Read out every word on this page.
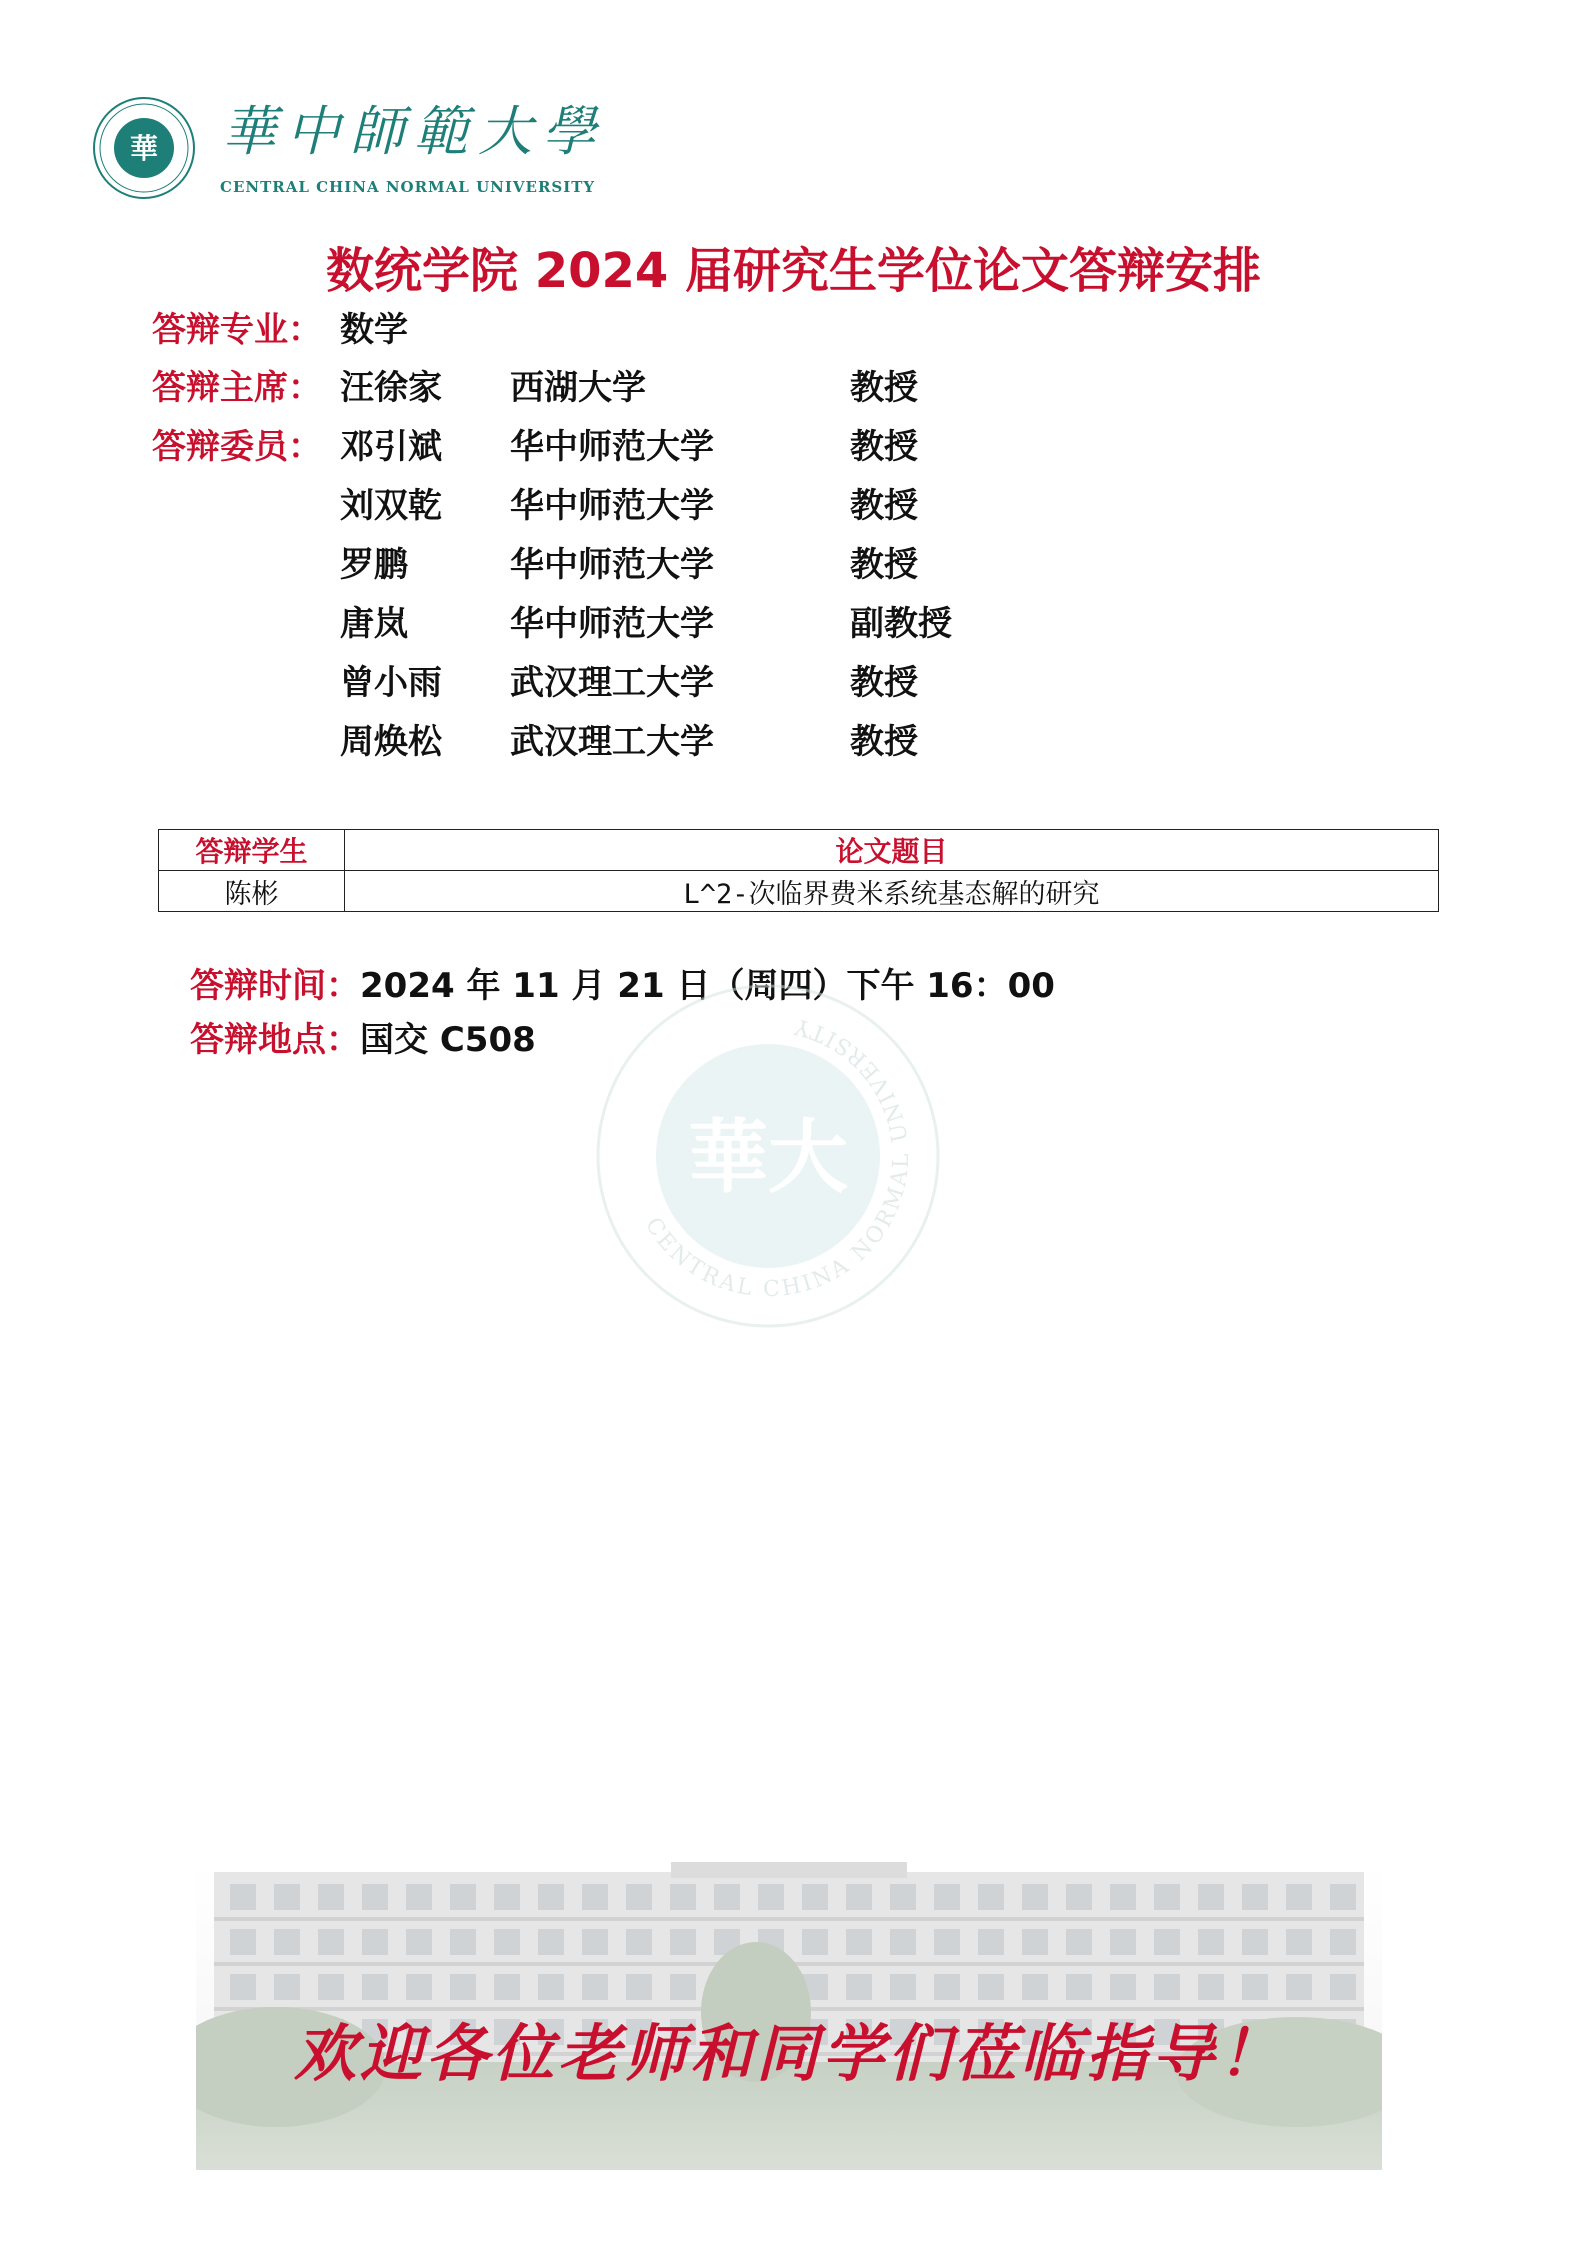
華 華中師範大學
CENTRAL CHINA NORMAL UNIVERSITY
数统学院 2024 届研究生学位论文答辩安排
答辩专业： 数学
答辩主席： 汪徐家 西湖大学	教授
答辩委员： 邓引斌 华中师范大学	教授
刘双乾 华中师范大学	教授
罗鹏	华中师范大学	教授
唐岚	华中师范大学	副教授
曾小雨 武汉理工大学	教授
周焕松 武汉理工大学	教授
答辩学生	论文题目
陈彬	L^2-次临界费米系统基态解的研究
答辩时间：2024 年 11 月 21 日（周四）下午 16：00
答辩地点：国交 C508
華大
CENTRAL CHINA NORMAL UNIVERSITY
欢迎各位老师和同学们莅临指导！
